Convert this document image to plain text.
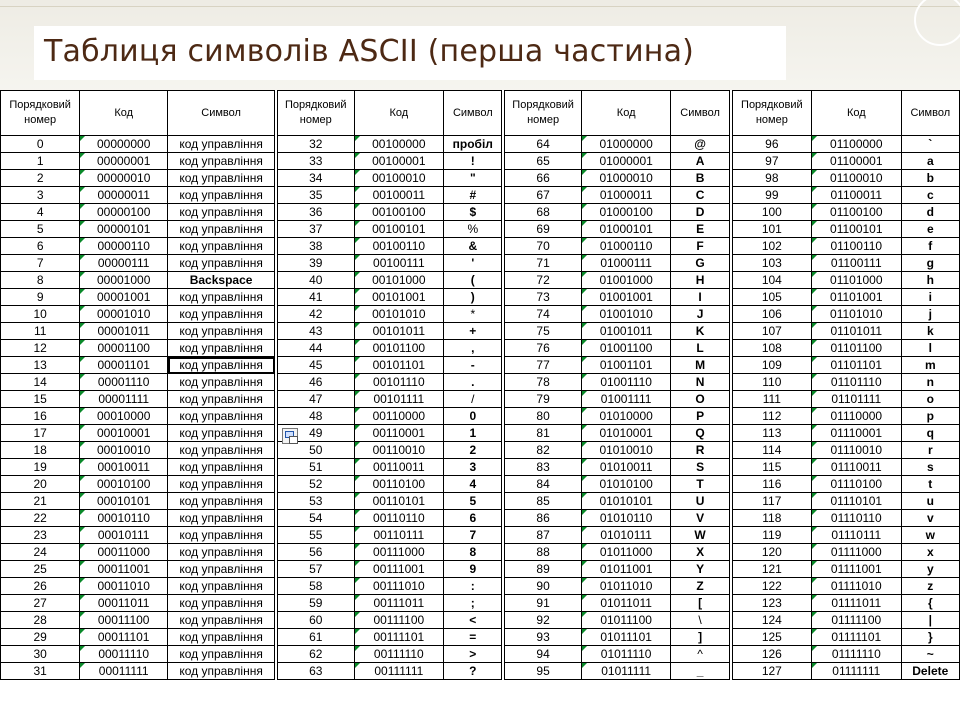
Таблиця символів ASCII (перша частина)
Порядковий номер	Код	Символ		Порядковий номер	Код	Символ		Порядковий номер	Код	Символ		Порядковий номер	Код	Символ
0	00000000	код управління		32	00100000	пробіл		64	01000000	@		96	01100000	`
1	00000001	код управління		33	00100001	!		65	01000001	A		97	01100001	a
2	00000010	код управління		34	00100010	"		66	01000010	B		98	01100010	b
3	00000011	код управління		35	00100011	#		67	01000011	C		99	01100011	c
4	00000100	код управління		36	00100100	$		68	01000100	D		100	01100100	d
5	00000101	код управління		37	00100101	%		69	01000101	E		101	01100101	e
6	00000110	код управління		38	00100110	&		70	01000110	F		102	01100110	f
7	00000111	код управління		39	00100111	'		71	01000111	G		103	01100111	g
8	00001000	Backspace		40	00101000	(		72	01001000	H		104	01101000	h
9	00001001	код управління		41	00101001	)		73	01001001	I		105	01101001	i
10	00001010	код управління		42	00101010	*		74	01001010	J		106	01101010	j
11	00001011	код управління		43	00101011	+		75	01001011	K		107	01101011	k
12	00001100	код управління		44	00101100	,		76	01001100	L		108	01101100	l
13	00001101	код управління		45	00101101	-		77	01001101	M		109	01101101	m
14	00001110	код управління		46	00101110	.		78	01001110	N		110	01101110	n
15	00001111	код управління		47	00101111	/		79	01001111	O		111	01101111	o
16	00010000	код управління		48	00110000	0		80	01010000	P		112	01110000	p
17	00010001	код управління		49	00110001	1		81	01010001	Q		113	01110001	q
18	00010010	код управління		50	00110010	2		82	01010010	R		114	01110010	r
19	00010011	код управління		51	00110011	3		83	01010011	S		115	01110011	s
20	00010100	код управління		52	00110100	4		84	01010100	T		116	01110100	t
21	00010101	код управління		53	00110101	5		85	01010101	U		117	01110101	u
22	00010110	код управління		54	00110110	6		86	01010110	V		118	01110110	v
23	00010111	код управління		55	00110111	7		87	01010111	W		119	01110111	w
24	00011000	код управління		56	00111000	8		88	01011000	X		120	01111000	x
25	00011001	код управління		57	00111001	9		89	01011001	Y		121	01111001	y
26	00011010	код управління		58	00111010	:		90	01011010	Z		122	01111010	z
27	00011011	код управління		59	00111011	;		91	01011011	[		123	01111011	{
28	00011100	код управління		60	00111100	<		92	01011100	\		124	01111100	|
29	00011101	код управління		61	00111101	=		93	01011101	]		125	01111101	}
30	00011110	код управління		62	00111110	>		94	01011110	^		126	01111110	~
31	00011111	код управління		63	00111111	?		95	01011111	_		127	01111111	Delete
